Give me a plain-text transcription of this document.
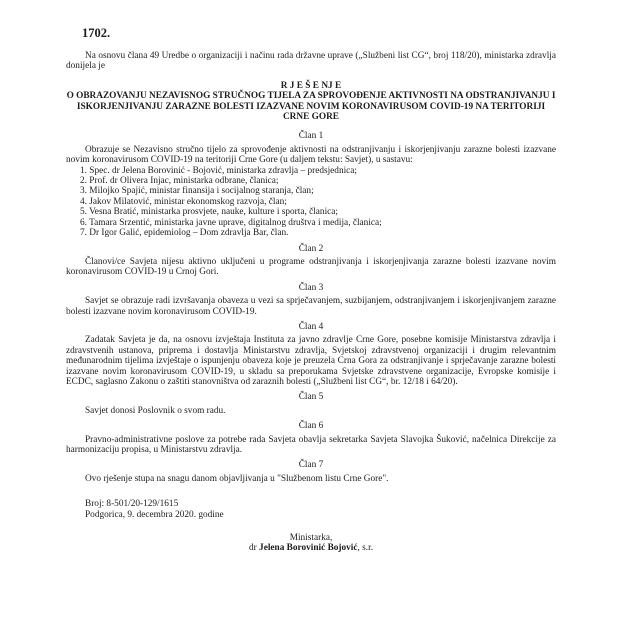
1702.

Na osnovu člana 49 Uredbe o organizaciji i načinu rada državne uprave („Službeni list CG“, broj 118/20), ministarka zdravlja donijela je

R J E Š E NJ E
O OBRAZOVANJU NEZAVISNOG STRUČNOG TIJELA ZA SPROVOĐENJE AKTIVNOSTI NA ODSTRANJIVANJU I ISKORJENJIVANJU ZARAZNE BOLESTI IZAZVANE NOVIM KORONAVIRUSOM COVID-19 NA TERITORIJI CRNE GORE
Član 1

Obrazuje se Nezavisno stručno tijelo za sprovođenje aktivnosti na odstranjivanju i iskorjenjivanju zarazne bolesti izazvane novim koronavirusom COVID-19 na teritoriji Crne Gore (u daljem tekstu: Savjet), u sastavu:

1. Spec. dr Jelena Borovinić - Bojović, ministarka zdravlja – predsjednica;
2. Prof. dr Olivera Injac, ministarka odbrane, članica;
3. Milojko Spajić, ministar finansija i socijalnog staranja, član;
4. Jakov Milatović, ministar ekonomskog razvoja, član;
5. Vesna Bratić, ministarka prosvjete, nauke, kulture i sporta, članica;
6. Tamara Srzentić, ministarka javne uprave, digitalnog društva i medija, članica;
7. Dr Igor Galić, epidemiolog – Dom zdravlja Bar, član.
Član 2

Članovi/ce Savjeta nijesu aktivno uključeni u programe odstranjivanja i iskorjenjivanja zarazne bolesti izazvane novim koronavirusom COVID-19 u Crnoj Gori.

Član 3

Savjet se obrazuje radi izvršavanja obaveza u vezi sa sprječavanjem, suzbijanjem, odstranjivanjem i iskorjenjivanjem zarazne bolesti izazvane novim koronavirusom COVID-19.

Član 4

Zadatak Savjeta je da, na osnovu izvještaja Instituta za javno zdravlje Crne Gore, posebne komisije Ministarstva zdravlja i zdravstvenih ustanova, priprema i dostavlja Ministarstvu zdravlja, Svjetskoj zdravstvenoj organizaciji i drugim relevantnim međunarodnim tijelima izvještaje o ispunjenju obaveza koje je preuzela Crna Gora za odstranjivanje i sprječavanje zarazne bolesti izazvane novim koronavirusom COVID-19, u skladu sa preporukama Svjetske zdravstvene organizacije, Evropske komisije i ECDC, saglasno Zakonu o zaštiti stanovništva od zaraznih bolesti („Službeni list CG“, br. 12/18 i 64/20).

Član 5

Savjet donosi Poslovnik o svom radu.

Član 6

Pravno-administrativne poslove za potrebe rada Savjeta obavlja sekretarka Savjeta Slavojka Šuković, načelnica Direkcije za harmonizaciju propisa, u Ministarstvu zdravlja.

Član 7

Ovo rješenje stupa na snagu danom objavljivanja u "Službenom listu Crne Gore".

Broj: 8-501/20-129/1615
Podgorica, 9. decembra 2020. godine
Ministarka,
dr Jelena Borovinić Bojović, s.r.
